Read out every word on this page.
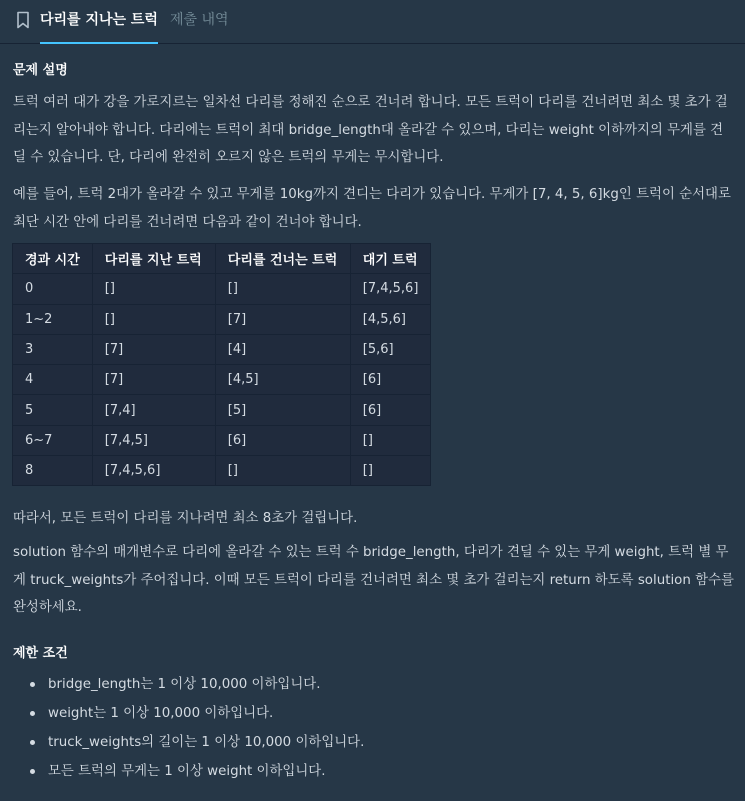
다리를 지나는 트럭 제출 내역
문제 설명
트럭 여러 대가 강을 가로지르는 일차선 다리를 정해진 순으로 건너려 합니다. 모든 트럭이 다리를 건너려면 최소 몇 초가 걸리는지 알아내야 합니다. 다리에는 트럭이 최대 bridge_length대 올라갈 수 있으며, 다리는 weight 이하까지의 무게를 견딜 수 있습니다. 단, 다리에 완전히 오르지 않은 트럭의 무게는 무시합니다.
예를 들어, 트럭 2대가 올라갈 수 있고 무게를 10kg까지 견디는 다리가 있습니다. 무게가 [7, 4, 5, 6]kg인 트럭이 순서대로 최단 시간 안에 다리를 건너려면 다음과 같이 건너야 합니다.
경과 시간	다리를 지난 트럭	다리를 건너는 트럭	대기 트럭
0	[]	[]	[7,4,5,6]
1~2	[]	[7]	[4,5,6]
3	[7]	[4]	[5,6]
4	[7]	[4,5]	[6]
5	[7,4]	[5]	[6]
6~7	[7,4,5]	[6]	[]
8	[7,4,5,6]	[]	[]
따라서, 모든 트럭이 다리를 지나려면 최소 8초가 걸립니다.
solution 함수의 매개변수로 다리에 올라갈 수 있는 트럭 수 bridge_length, 다리가 견딜 수 있는 무게 weight, 트럭 별 무게 truck_weights가 주어집니다. 이때 모든 트럭이 다리를 건너려면 최소 몇 초가 걸리는지 return 하도록 solution 함수를 완성하세요.
제한 조건
bridge_length는 1 이상 10,000 이하입니다.
weight는 1 이상 10,000 이하입니다.
truck_weights의 길이는 1 이상 10,000 이하입니다.
모든 트럭의 무게는 1 이상 weight 이하입니다.
